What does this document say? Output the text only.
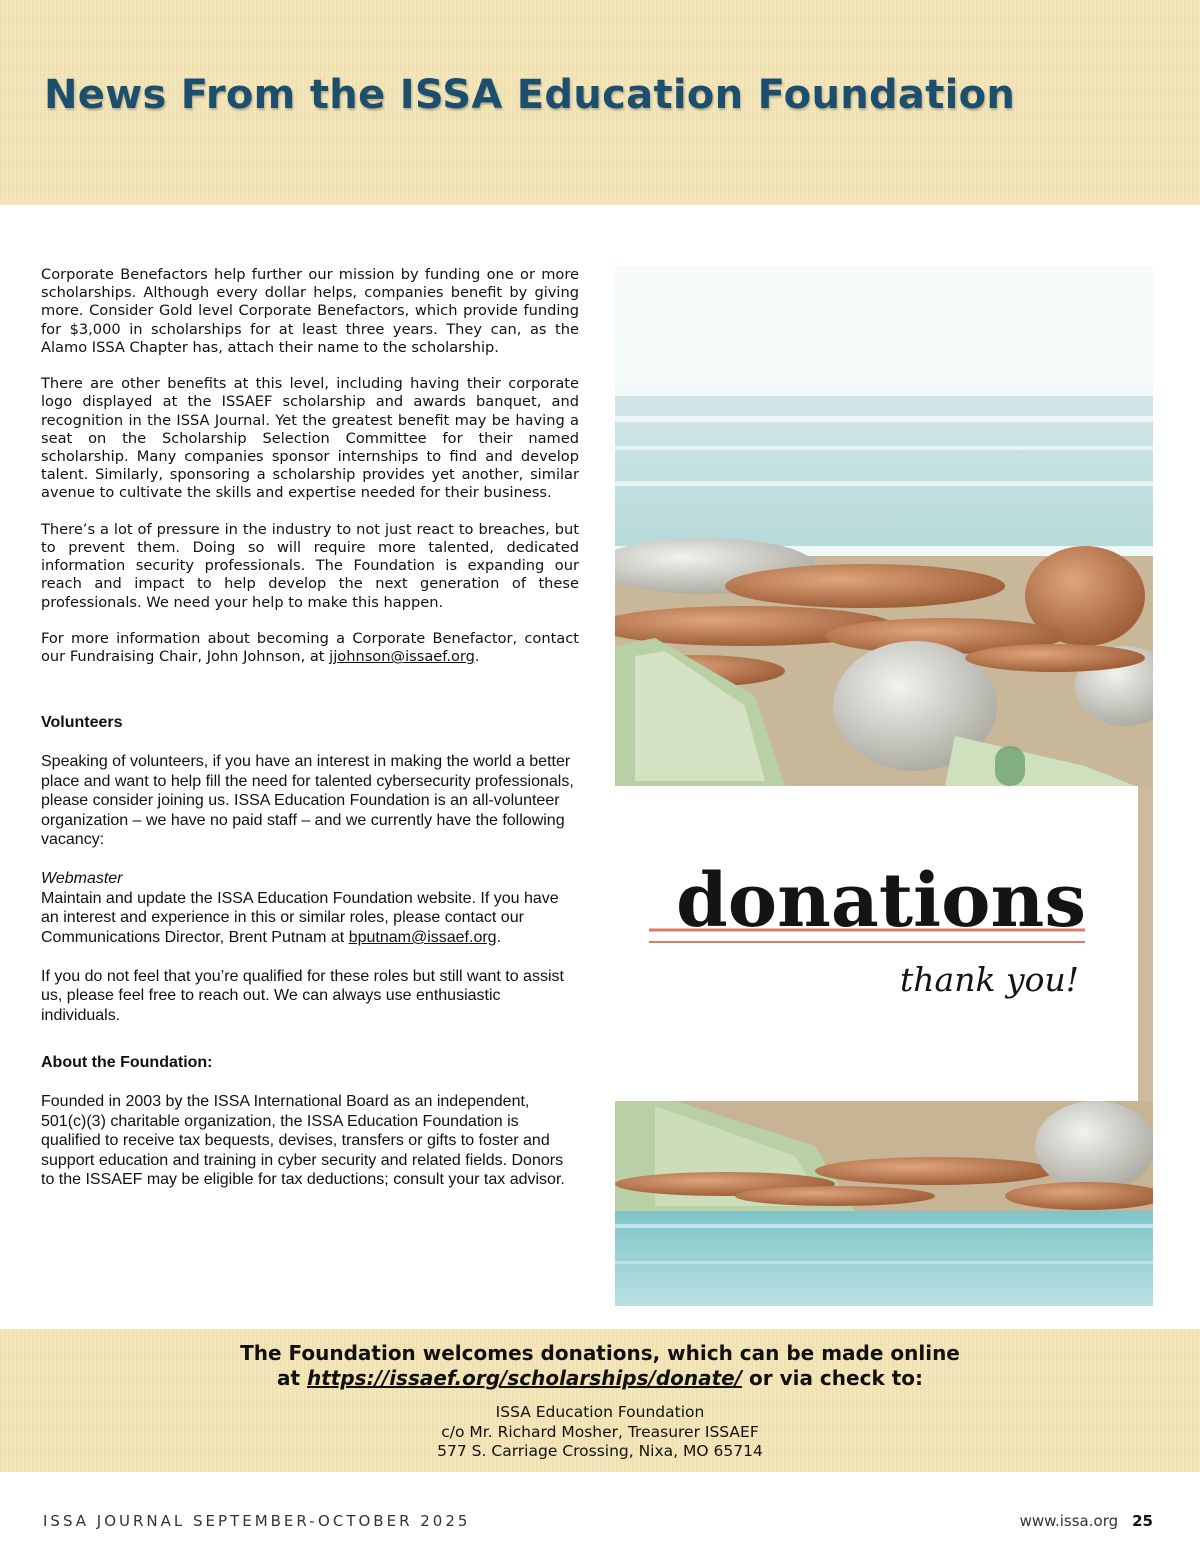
News From the ISSA Education Foundation

Corporate Benefactors help further our mission by funding one or more scholarships. Although every dollar helps, companies benefit by giving more. Consider Gold level Corporate Benefactors, which provide funding for $3,000 in scholarships for at least three years. They can, as the Alamo ISSA Chapter has, attach their name to the scholarship.

There are other benefits at this level, including having their corporate logo displayed at the ISSAEF scholarship and awards banquet, and recognition in the ISSA Journal. Yet the greatest benefit may be having a seat on the Scholarship Selection Committee for their named scholarship. Many companies sponsor internships to find and develop talent. Similarly, sponsoring a scholarship provides yet another, similar avenue to cultivate the skills and expertise needed for their business.

There’s a lot of pressure in the industry to not just react to breaches, but to prevent them. Doing so will require more talented, dedicated information security professionals. The Foundation is expanding our reach and impact to help develop the next generation of these professionals. We need your help to make this happen.

For more information about becoming a Corporate Benefactor, contact our Fundraising Chair, John Johnson, at jjohnson@issaef.org.

Volunteers

Speaking of volunteers, if you have an interest in making the world a better place and want to help fill the need for talented cybersecurity professionals, please consider joining us. ISSA Education Foundation is an all-volunteer organization – we have no paid staff – and we currently have the following vacancy:

Webmaster
Maintain and update the ISSA Education Foundation website. If you have an interest and experience in this or similar roles, please contact our Communications Director, Brent Putnam at bputnam@issaef.org.

If you do not feel that you’re qualified for these roles but still want to assist us, please feel free to reach out. We can always use enthusiastic individuals.

About the Foundation:

Founded in 2003 by the ISSA International Board as an independent, 501(c)(3) charitable organization, the ISSA Education Foundation is qualified to receive tax bequests, devises, transfers or gifts to foster and support education and training in cyber security and related fields. Donors to the ISSAEF may be eligible for tax deductions; consult your tax advisor.

donations
thank you!
The Foundation welcomes donations, which can be made online
at https://issaef.org/scholarships/donate/ or via check to:
ISSA Education Foundation
c/o Mr. Richard Mosher, Treasurer ISSAEF
577 S. Carriage Crossing, Nixa, MO 65714
ISSA JOURNAL SEPTEMBER-OCTOBER 2025	www.issa.org 25
